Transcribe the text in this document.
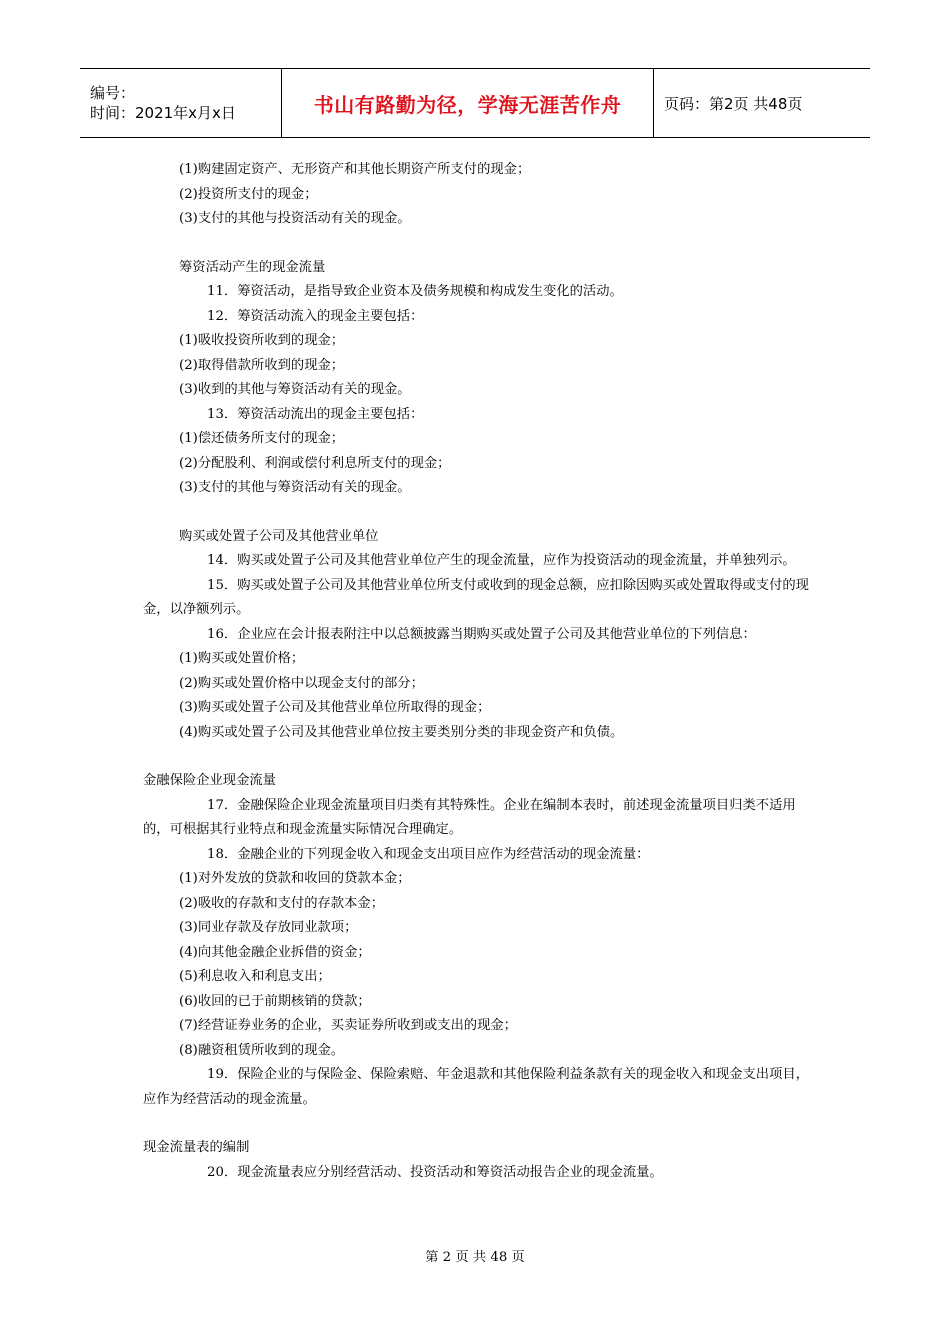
编号：
时间：2021年x月x日	书山有路勤为径，学海无涯苦作舟	页码：第2页 共48页
(1)购建固定资产、无形资产和其他长期资产所支付的现金；
(2)投资所支付的现金；
(3)支付的其他与投资活动有关的现金。
筹资活动产生的现金流量
11．筹资活动，是指导致企业资本及债务规模和构成发生变化的活动。
12．筹资活动流入的现金主要包括：
(1)吸收投资所收到的现金；
(2)取得借款所收到的现金；
(3)收到的其他与筹资活动有关的现金。
13．筹资活动流出的现金主要包括：
(1)偿还债务所支付的现金；
(2)分配股利、利润或偿付利息所支付的现金；
(3)支付的其他与筹资活动有关的现金。
购买或处置子公司及其他营业单位
14．购买或处置子公司及其他营业单位产生的现金流量，应作为投资活动的现金流量，并单独列示。
15．购买或处置子公司及其他营业单位所支付或收到的现金总额，应扣除因购买或处置取得或支付的现金，以净额列示。
16．企业应在会计报表附注中以总额披露当期购买或处置子公司及其他营业单位的下列信息：
(1)购买或处置价格；
(2)购买或处置价格中以现金支付的部分；
(3)购买或处置子公司及其他营业单位所取得的现金；
(4)购买或处置子公司及其他营业单位按主要类别分类的非现金资产和负债。
金融保险企业现金流量
17．金融保险企业现金流量项目归类有其特殊性。企业在编制本表时，前述现金流量项目归类不适用的，可根据其行业特点和现金流量实际情况合理确定。
18．金融企业的下列现金收入和现金支出项目应作为经营活动的现金流量：
(1)对外发放的贷款和收回的贷款本金；
(2)吸收的存款和支付的存款本金；
(3)同业存款及存放同业款项；
(4)向其他金融企业拆借的资金；
(5)利息收入和利息支出；
(6)收回的已于前期核销的贷款；
(7)经营证券业务的企业，买卖证券所收到或支出的现金；
(8)融资租赁所收到的现金。
19．保险企业的与保险金、保险索赔、年金退款和其他保险利益条款有关的现金收入和现金支出项目，应作为经营活动的现金流量。
现金流量表的编制
20．现金流量表应分别经营活动、投资活动和筹资活动报告企业的现金流量。
第 2 页 共 48 页
